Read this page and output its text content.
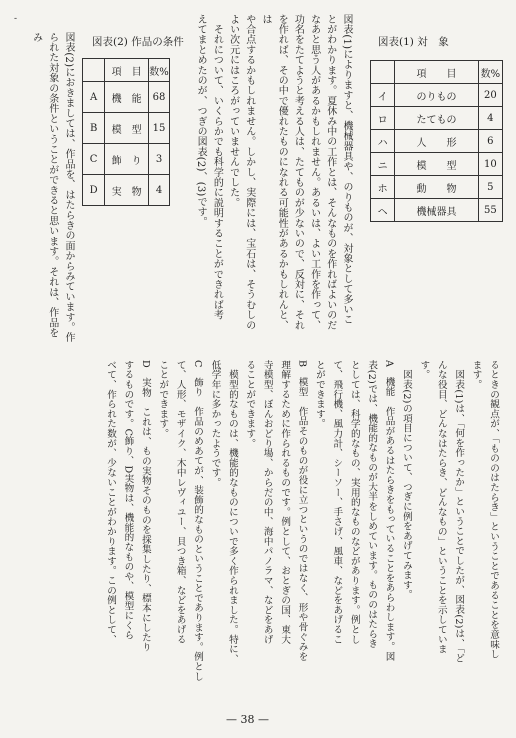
‐	図表(1)によりますと、機械器具や、のりものが、対象として多いこ
とがわかります。夏休み中の工作とは、そんなものを作ればよいのだ
なあと思う人があるかもしれません。あるいは、よい工作を作って、
功名をたてようと考える人は、たてものが少ないので、反対に、それ
を作れば、その中で優れたものになれる可能性があるかもしれんと、は
や合点するかもしれません。しかし、実際には、宝石は、そうむしの
よい次元にはころがっていませんでした。
　それについて、いくらかでも科学的に説明することができれば考
えてまとめたのが、つぎの図表(2)、(3)です。
図表(2)におきましては、作品を、はたらきの面からみています。作
られた対象の条件ということができると思います。それは、作品をみ	図表(1) 対　象
	項　　目	数%
イ	のりもの	20
ロ	たてもの	4
ハ	人　　形	6
ニ	模　　型	10
ホ	動　　物	5
ヘ	機械器具	55
図表(2) 作品の条件
	項　目	数%
A	機　能	68
B	模　型	15
C	飾　り	3
D	実　物	4
るときの観点が、「もののはたらき」ということであることを意味し
ます。
　図表(1)は、「何を作ったか」ということでしたが、図表(2)は、「ど
んな役目、どんなはたらき、どんなもの」ということを示していま
す。
　図表(2)の項目について、つぎに例をあげてみます。
A　機能　作品があるはたらきをもっていることをあらわします。図
表(2)では、機能的なものが大半をしめています。もののはたらき
としては、科学的なもの、実用的なものなどがあります。例とし
て、飛行機、風力計、シーソー、手さげ、風車、などをあげるこ
とができます。
B　模型　作品そのものが役に立つというのではなく、形や骨ぐみを
理解するために作られるものです。例として、おとぎの国、東大
寺模型、ぼんおどり場、からだの中、海中パノラマ、などをあげ
ることができます。
　模型的なものは、機能的なものについで多く作られました。特に、
低学年に多かったようです。
C　飾り　作品のめあてが、装飾的なものということであります。例とし
て、人形、モザイク、木中レヴィユー、貝つき箱、などをあげる
ことができます。
D　実物　これは、もの実物そのものを採集したり、標本にしたり
するものです。C飾り、D実物は、機能的なものや、模型にくら
べて、作られた数が、少ないことがわかります。この例として、
— 38 —
